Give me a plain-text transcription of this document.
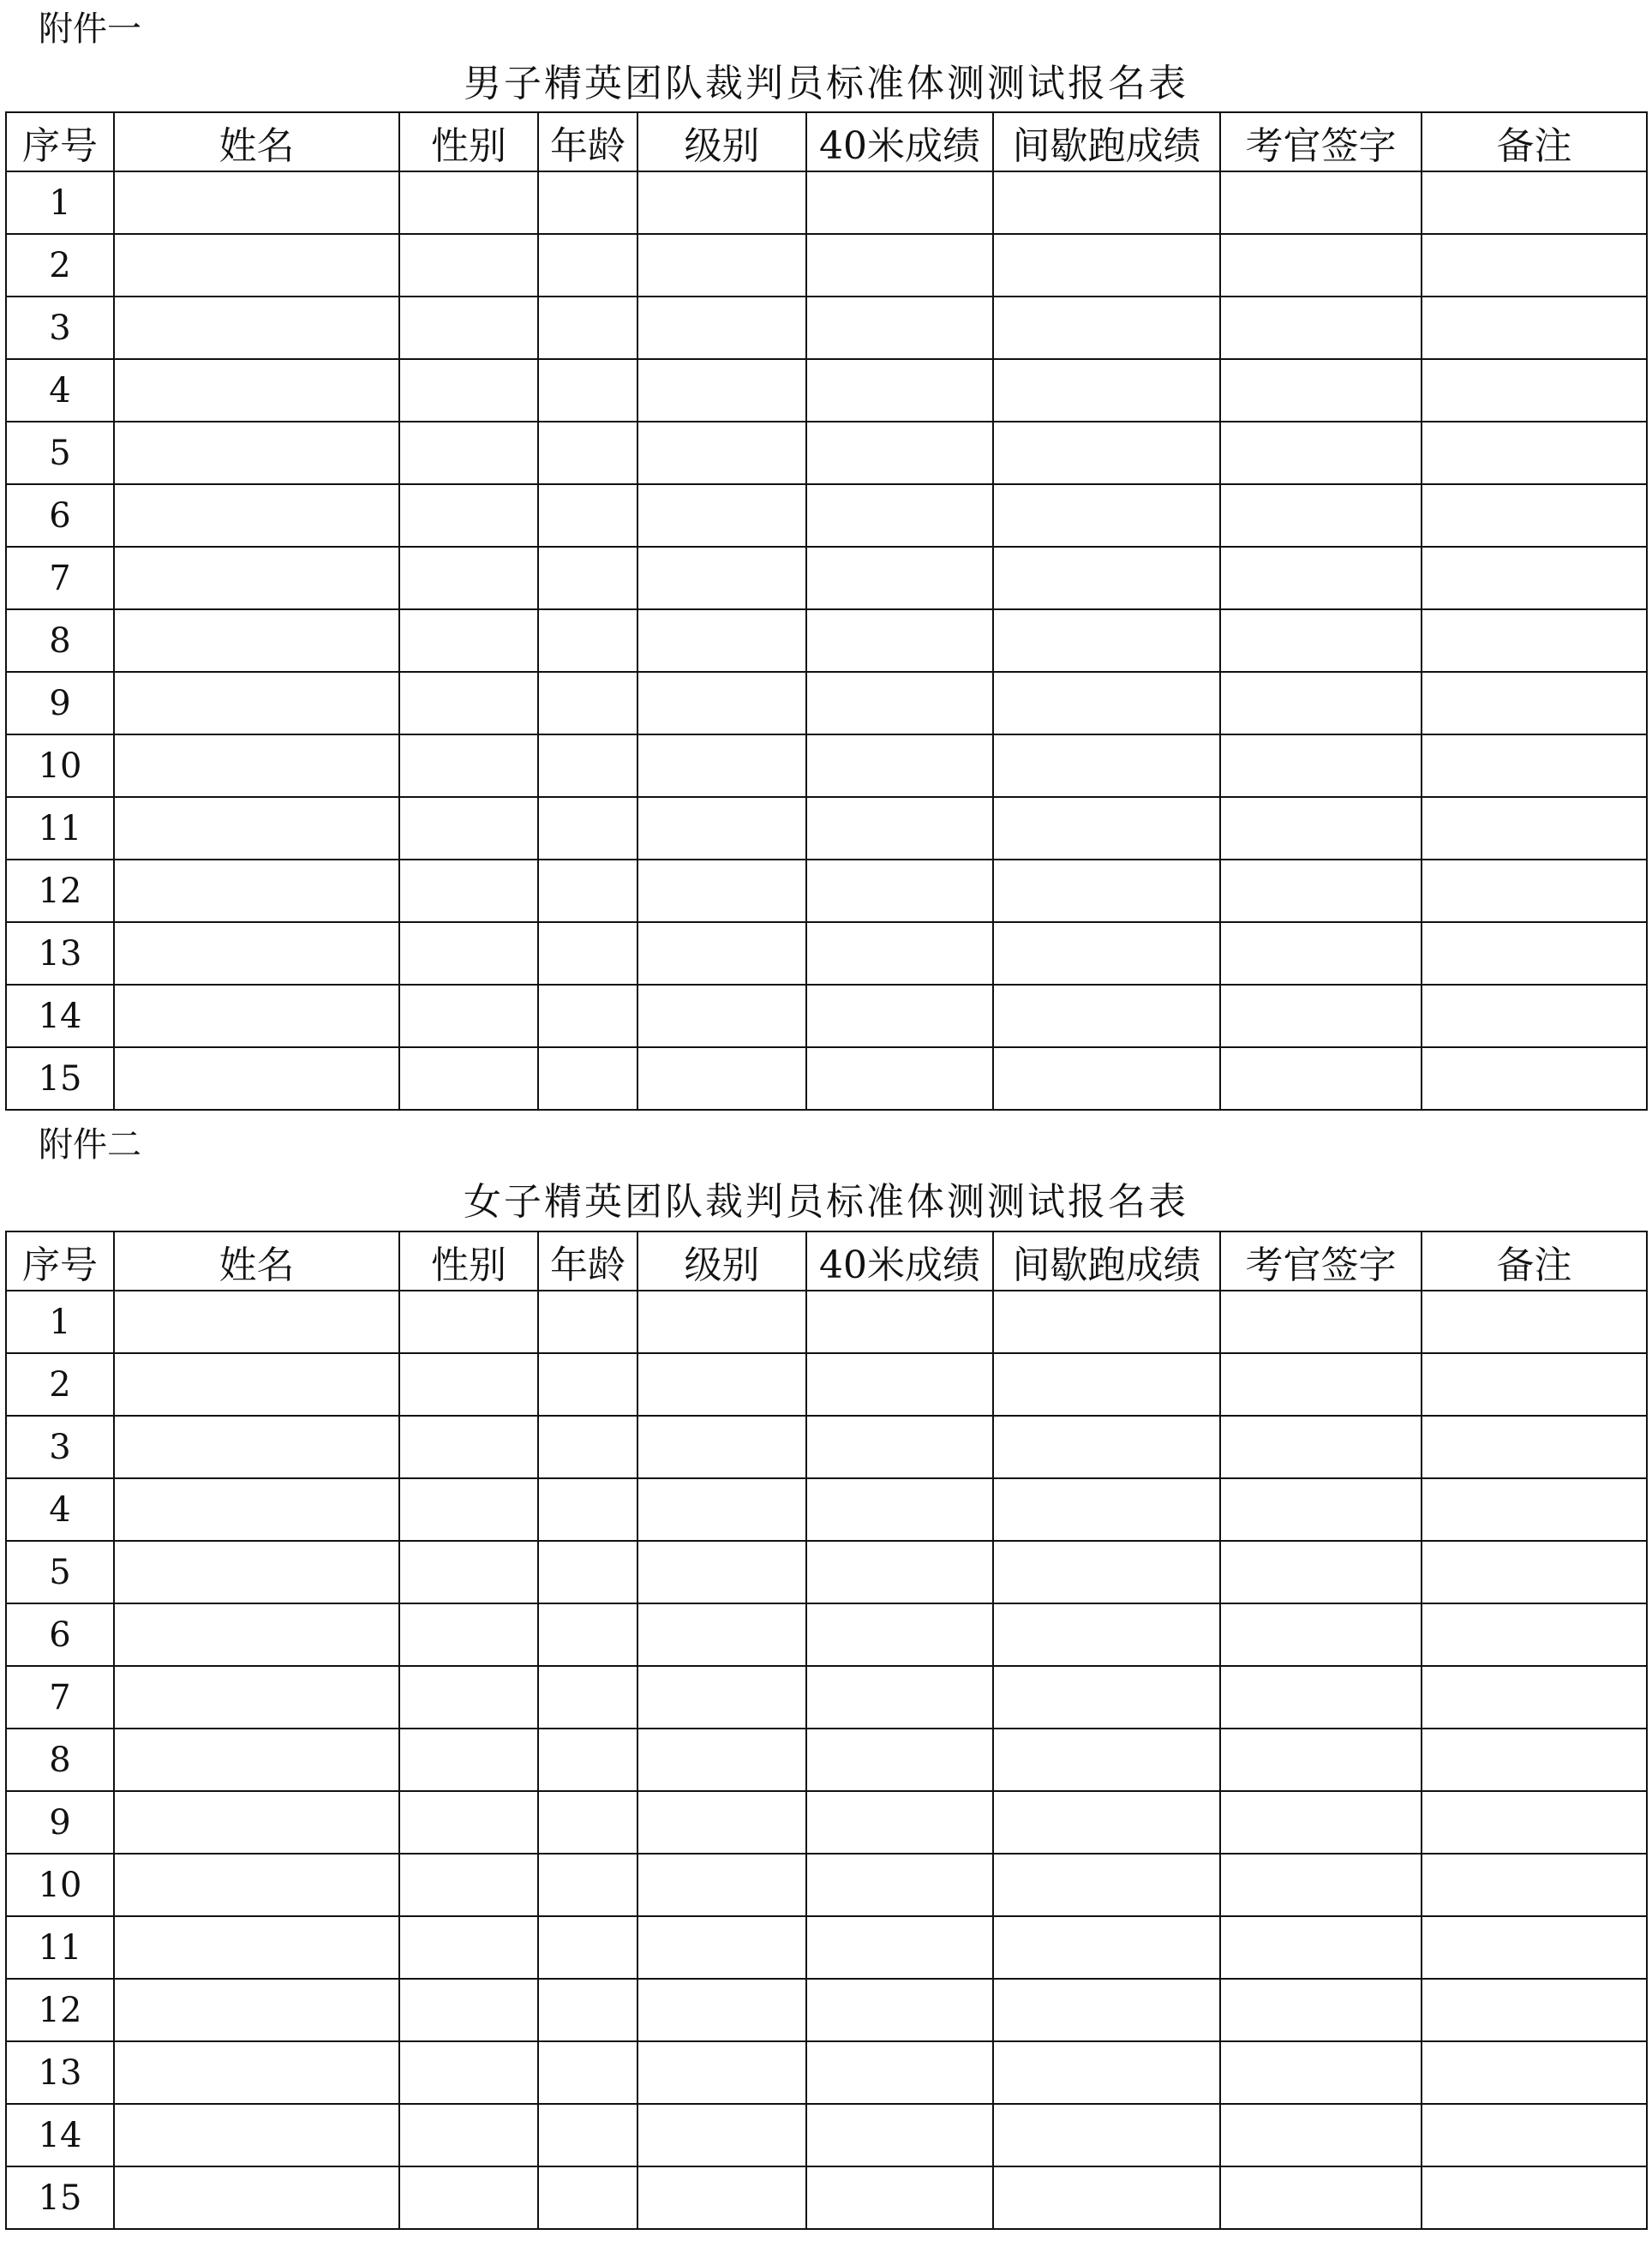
附件一
男子精英团队裁判员标准体测测试报名表
序号	姓名	性别	年龄	级别	40米成绩	间歇跑成绩	考官签字	备注
1								
2								
3								
4								
5								
6								
7								
8								
9								
10								
11								
12								
13								
14								
15								
附件二
女子精英团队裁判员标准体测测试报名表
序号	姓名	性别	年龄	级别	40米成绩	间歇跑成绩	考官签字	备注
1								
2								
3								
4								
5								
6								
7								
8								
9								
10								
11								
12								
13								
14								
15								
